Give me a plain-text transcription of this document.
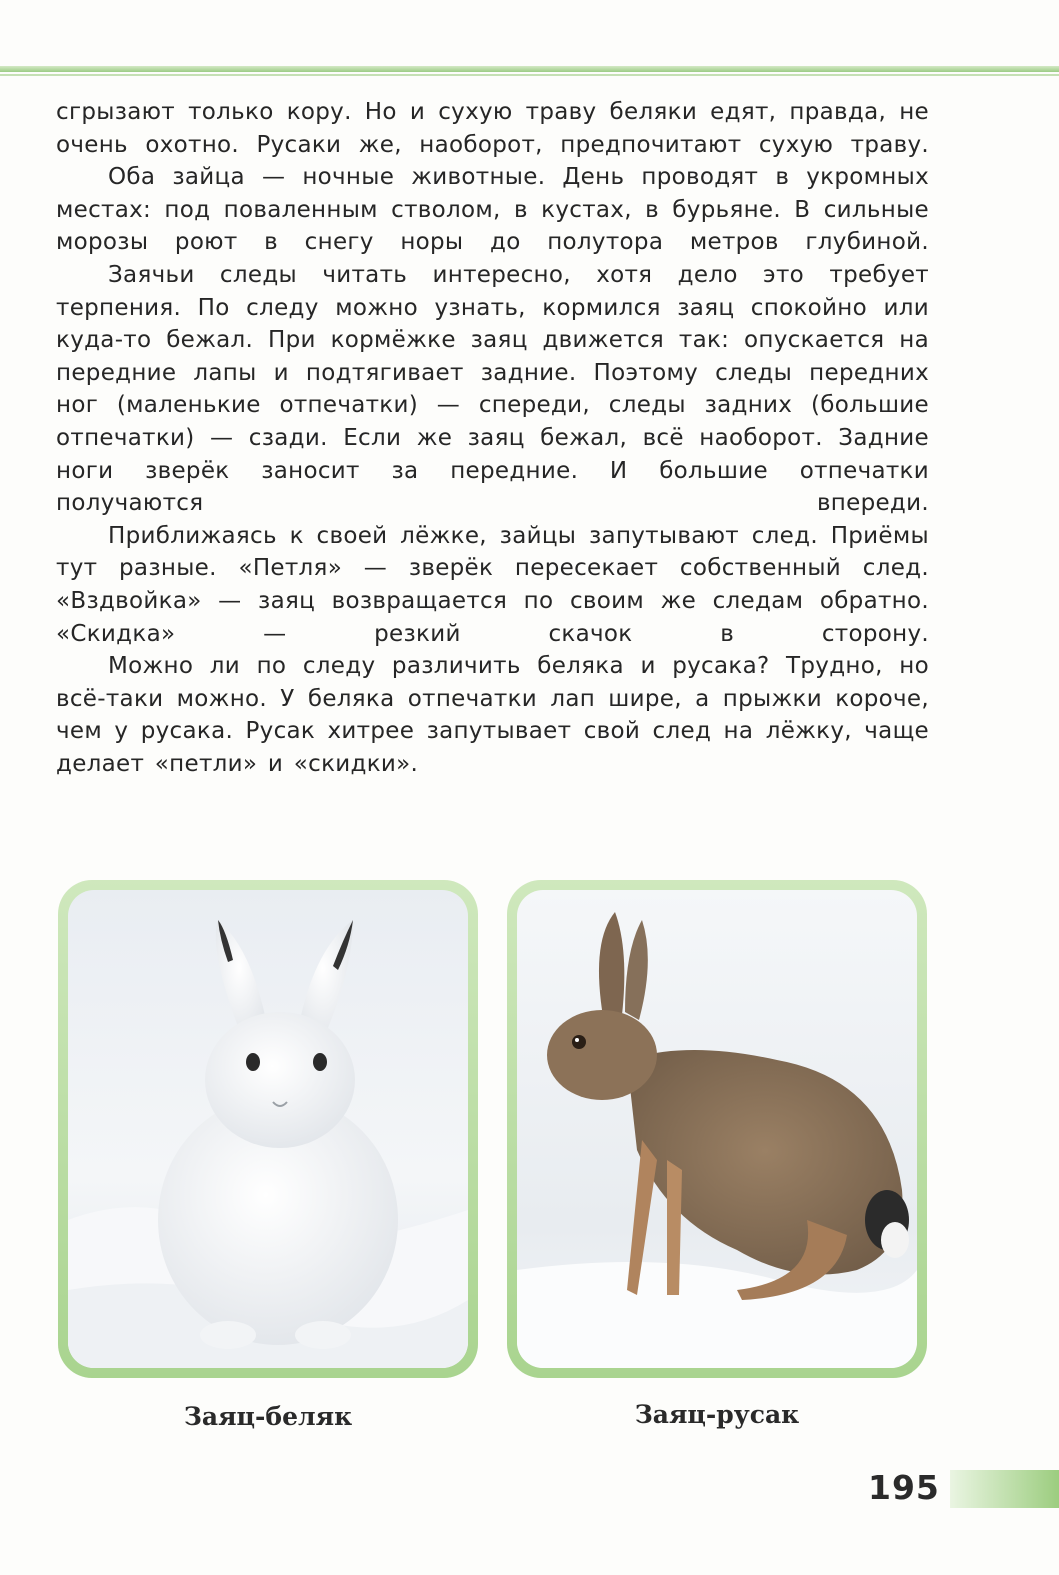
сгрызают только кору. Но и сухую траву беляки едят, правда, не очень охотно. Русаки же, наоборот, предпочитают сухую траву.

Оба зайца — ночные животные. День проводят в укромных местах: под поваленным стволом, в кустах, в бурьяне. В сильные морозы роют в снегу норы до полутора метров глубиной.

Заячьи следы читать интересно, хотя дело это требует терпения. По следу можно узнать, кормился заяц спокойно или куда-то бежал. При кормёжке заяц движется так: опускается на передние лапы и подтягивает задние. Поэтому следы передних ног (маленькие отпечатки) — спереди, следы задних (большие отпечатки) — сзади. Если же заяц бежал, всё наоборот. Задние ноги зверёк заносит за передние. И большие отпечатки получаются впереди.

Приближаясь к своей лёжке, зайцы запутывают след. Приёмы тут разные. «Петля» — зверёк пересекает собственный след. «Вздвойка» — заяц возвращается по своим же следам обратно. «Скидка» — резкий скачок в сторону.

Можно ли по следу различить беляка и русака? Трудно, но всё-таки можно. У беляка отпечатки лап шире, а прыжки короче, чем у русака. Русак хитрее запутывает свой след на лёжку, чаще делает «петли» и «скидки».

Заяц-беляк	Заяц-русак
195
